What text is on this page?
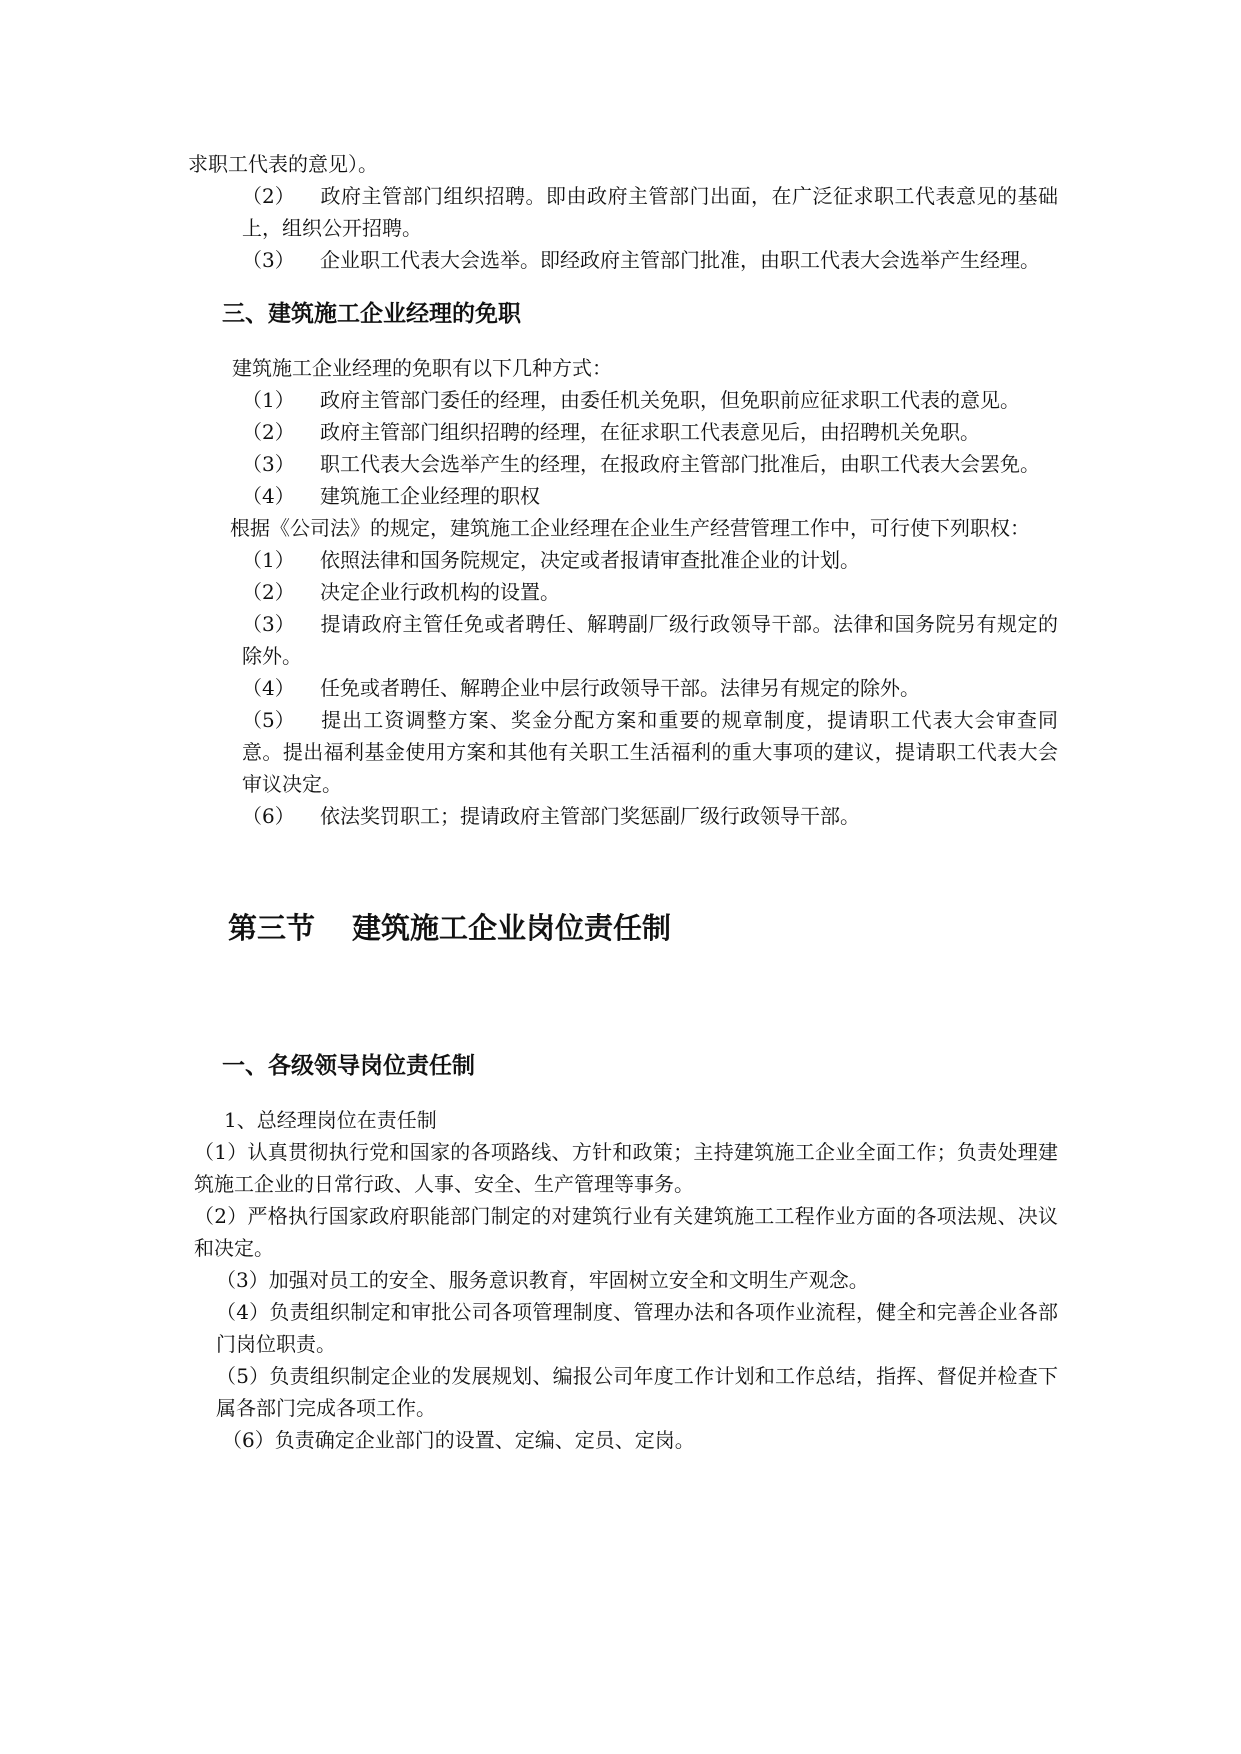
求职工代表的意见）。

（2） 政府主管部门组织招聘。即由政府主管部门出面，在广泛征求职工代表意见的基础上，组织公开招聘。

（3） 企业职工代表大会选举。即经政府主管部门批准，由职工代表大会选举产生经理。

三、建筑施工企业经理的免职

建筑施工企业经理的免职有以下几种方式：

（1） 政府主管部门委任的经理，由委任机关免职，但免职前应征求职工代表的意见。

（2） 政府主管部门组织招聘的经理，在征求职工代表意见后，由招聘机关免职。

（3） 职工代表大会选举产生的经理，在报政府主管部门批准后，由职工代表大会罢免。

（4） 建筑施工企业经理的职权

根据《公司法》的规定，建筑施工企业经理在企业生产经营管理工作中，可行使下列职权：

（1） 依照法律和国务院规定，决定或者报请审查批准企业的计划。

（2） 决定企业行政机构的设置。

（3） 提请政府主管任免或者聘任、解聘副厂级行政领导干部。法律和国务院另有规定的除外。

（4） 任免或者聘任、解聘企业中层行政领导干部。法律另有规定的除外。

（5） 提出工资调整方案、奖金分配方案和重要的规章制度，提请职工代表大会审查同意。提出福利基金使用方案和其他有关职工生活福利的重大事项的建议，提请职工代表大会审议决定。

（6） 依法奖罚职工；提请政府主管部门奖惩副厂级行政领导干部。

第三节 建筑施工企业岗位责任制
一、各级领导岗位责任制

1、总经理岗位在责任制

（1）认真贯彻执行党和国家的各项路线、方针和政策；主持建筑施工企业全面工作；负责处理建筑施工企业的日常行政、人事、安全、生产管理等事务。

（2）严格执行国家政府职能部门制定的对建筑行业有关建筑施工工程作业方面的各项法规、决议和决定。

（3）加强对员工的安全、服务意识教育，牢固树立安全和文明生产观念。

（4）负责组织制定和审批公司各项管理制度、管理办法和各项作业流程，健全和完善企业各部门岗位职责。

（5）负责组织制定企业的发展规划、编报公司年度工作计划和工作总结，指挥、督促并检查下属各部门完成各项工作。

（6）负责确定企业部门的设置、定编、定员、定岗。
